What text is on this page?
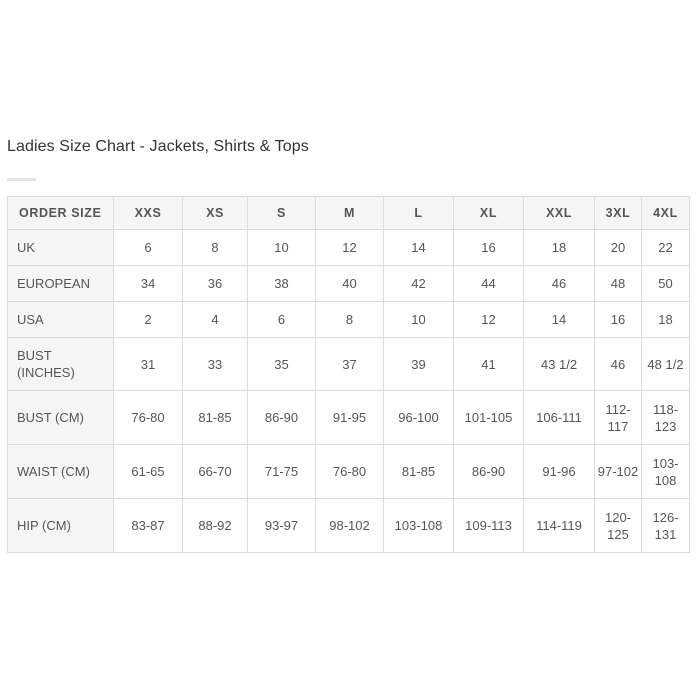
Ladies Size Chart - Jackets, Shirts & Tops
ORDER SIZE	XXS	XS	S	M	L	XL	XXL	3XL	4XL
UK	6	8	10	12	14	16	18	20	22
EUROPEAN	34	36	38	40	42	44	46	48	50
USA	2	4	6	8	10	12	14	16	18
BUST (INCHES)	31	33	35	37	39	41	43 1/2	46	48 1/2
BUST (CM)	76-80	81-85	86-90	91-95	96-100	101-105	106-111	112-117	118-123
WAIST (CM)	61-65	66-70	71-75	76-80	81-85	86-90	91-96	97-102	103-108
HIP (CM)	83-87	88-92	93-97	98-102	103-108	109-113	114-119	120-125	126-131
